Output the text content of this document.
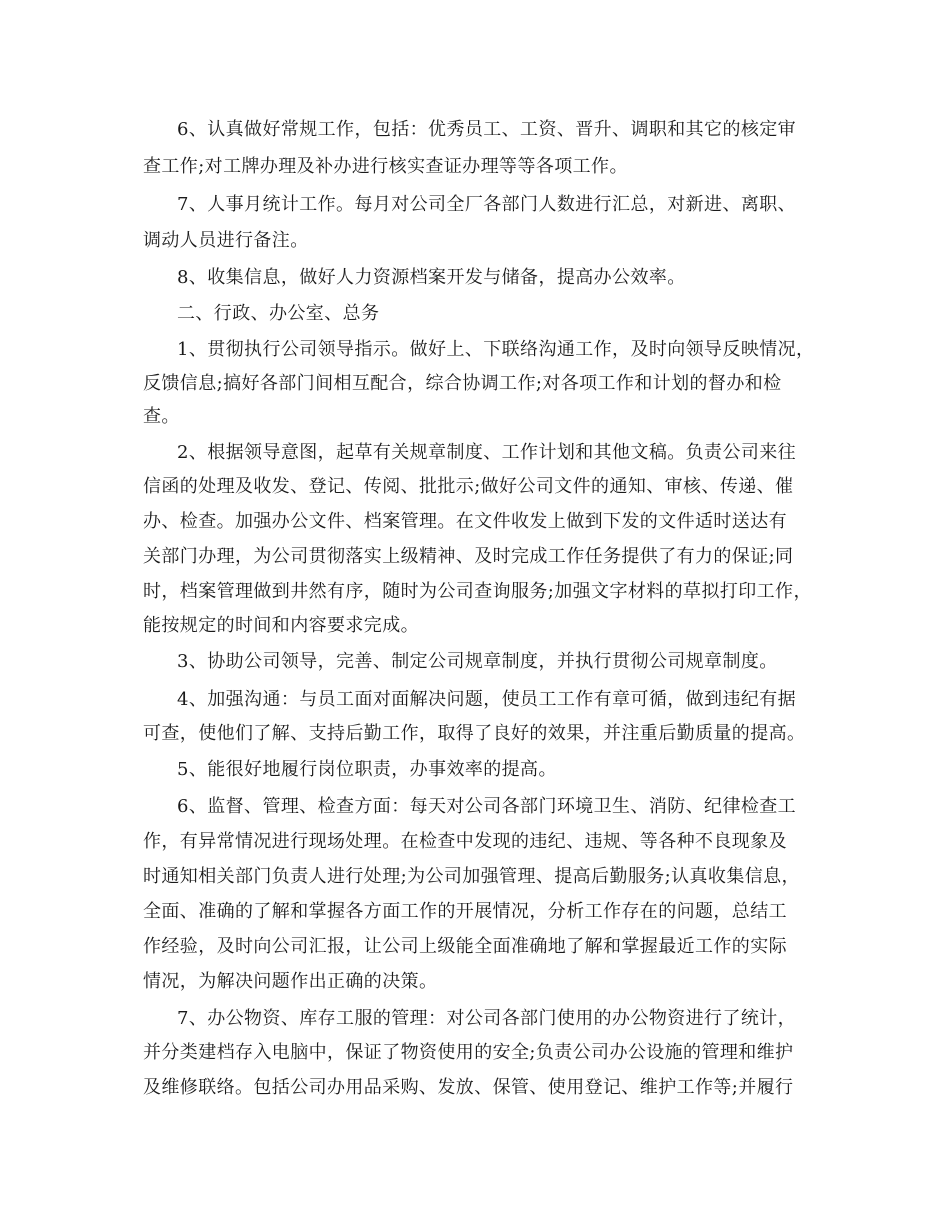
6、认真做好常规工作，包括：优秀员工、工资、晋升、调职和其它的核定审
查工作;对工牌办理及补办进行核实查证办理等等各项工作。
7、人事月统计工作。每月对公司全厂各部门人数进行汇总，对新进、离职、
调动人员进行备注。
8、收集信息，做好人力资源档案开发与储备，提高办公效率。
二、行政、办公室、总务
1、贯彻执行公司领导指示。做好上、下联络沟通工作，及时向领导反映情况，
反馈信息;搞好各部门间相互配合，综合协调工作;对各项工作和计划的督办和检
查。
2、根据领导意图，起草有关规章制度、工作计划和其他文稿。负责公司来往
信函的处理及收发、登记、传阅、批批示;做好公司文件的通知、审核、传递、催
办、检查。加强办公文件、档案管理。在文件收发上做到下发的文件适时送达有
关部门办理，为公司贯彻落实上级精神、及时完成工作任务提供了有力的保证;同
时，档案管理做到井然有序，随时为公司查询服务;加强文字材料的草拟打印工作，
能按规定的时间和内容要求完成。
3、协助公司领导，完善、制定公司规章制度，并执行贯彻公司规章制度。
4、加强沟通：与员工面对面解决问题，使员工工作有章可循，做到违纪有据
可查，使他们了解、支持后勤工作，取得了良好的效果，并注重后勤质量的提高。
5、能很好地履行岗位职责，办事效率的提高。
6、监督、管理、检查方面：每天对公司各部门环境卫生、消防、纪律检查工
作，有异常情况进行现场处理。在检查中发现的违纪、违规、等各种不良现象及
时通知相关部门负责人进行处理;为公司加强管理、提高后勤服务;认真收集信息，
全面、准确的了解和掌握各方面工作的开展情况，分析工作存在的问题，总结工
作经验，及时向公司汇报，让公司上级能全面准确地了解和掌握最近工作的实际
情况，为解决问题作出正确的决策。
7、办公物资、库存工服的管理：对公司各部门使用的办公物资进行了统计，
并分类建档存入电脑中，保证了物资使用的安全;负责公司办公设施的管理和维护
及维修联络。包括公司办用品采购、发放、保管、使用登记、维护工作等;并履行
